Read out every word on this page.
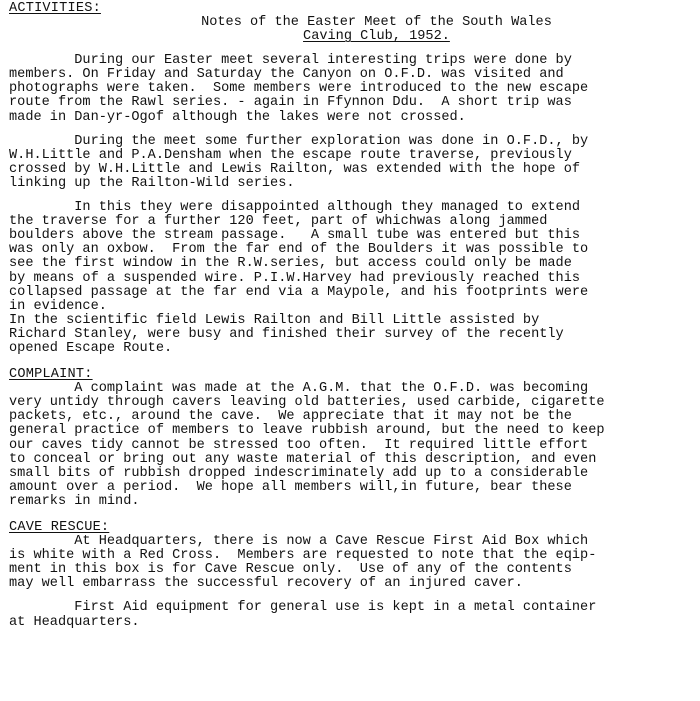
ACTIVITIES:
Notes of the Easter Meet of the South Wales
Caving Club, 1952.

During our Easter meet several interesting trips were done by
members. On Friday and Saturday the Canyon on O.F.D. was visited and
photographs were taken.  Some members were introduced to the new escape
route from the Rawl series. - again in Ffynnon Ddu.  A short trip was
made in Dan-yr-Ogof although the lakes were not crossed.

During the meet some further exploration was done in O.F.D., by
W.H.Little and P.A.Densham when the escape route traverse, previously
crossed by W.H.Little and Lewis Railton, was extended with the hope of
linking up the Railton-Wild series.

In this they were disappointed although they managed to extend
the traverse for a further 120 feet, part of whichwas along jammed
boulders above the stream passage.   A small tube was entered but this
was only an oxbow.  From the far end of the Boulders it was possible to
see the first window in the R.W.series, but access could only be made
by means of a suspended wire. P.I.W.Harvey had previously reached this
collapsed passage at the far end via a Maypole, and his footprints were
in evidence.
In the scientific field Lewis Railton and Bill Little assisted by
Richard Stanley, were busy and finished their survey of the recently
opened Escape Route.

COMPLAINT:

A complaint was made at the A.G.M. that the O.F.D. was becoming
very untidy through cavers leaving old batteries, used carbide, cigarette
packets, etc., around the cave.  We appreciate that it may not be the
general practice of members to leave rubbish around, but the need to keep
our caves tidy cannot be stressed too often.  It required little effort
to conceal or bring out any waste material of this description, and even
small bits of rubbish dropped indescriminately add up to a considerable
amount over a period.  We hope all members will,in future, bear these
remarks in mind.

CAVE RESCUE:

At Headquarters, there is now a Cave Rescue First Aid Box which
is white with a Red Cross.  Members are requested to note that the eqip-
ment in this box is for Cave Rescue only.  Use of any of the contents
may well embarrass the successful recovery of an injured caver.

First Aid equipment for general use is kept in a metal container
at Headquarters.
